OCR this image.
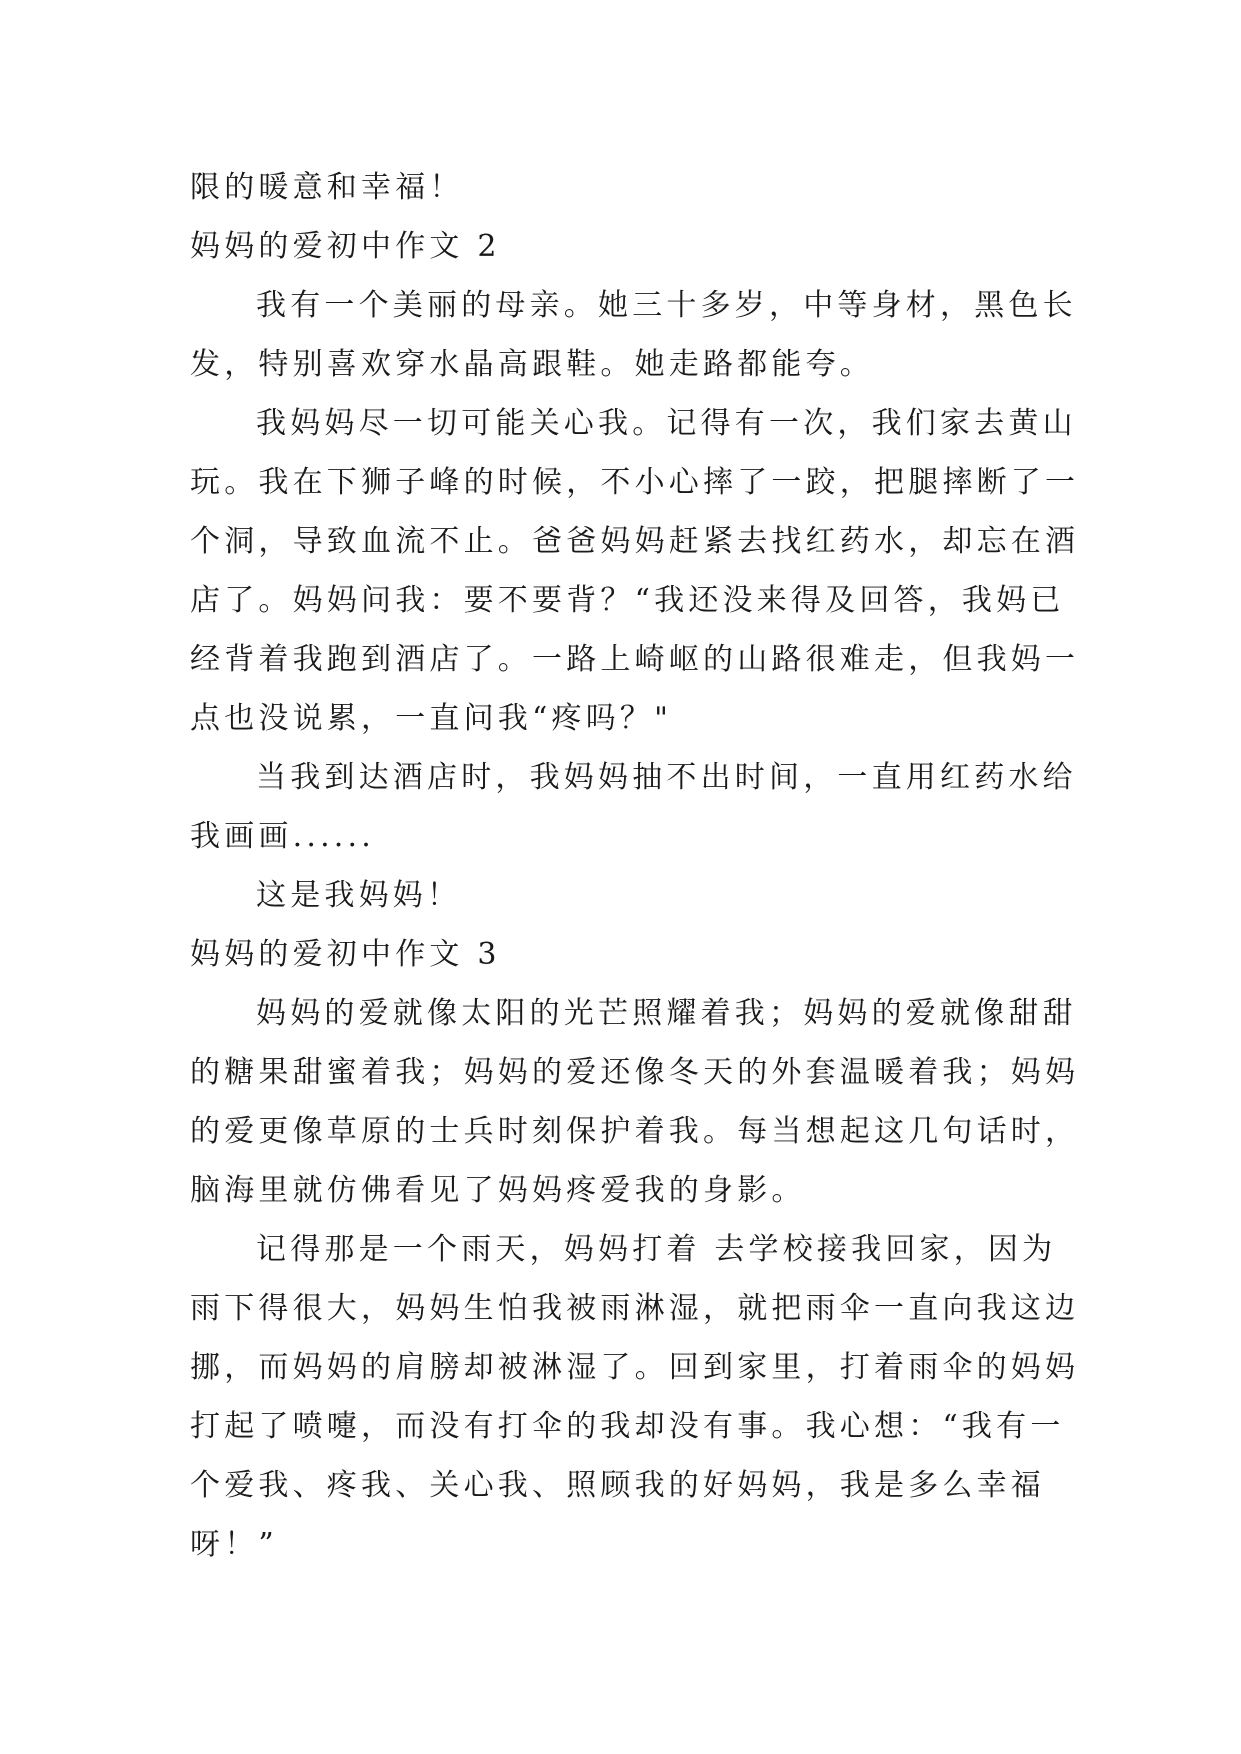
限的暖意和幸福！
妈妈的爱初中作文 2
我有一个美丽的母亲。她三十多岁，中等身材，黑色长
发，特别喜欢穿水晶高跟鞋。她走路都能夸。
我妈妈尽一切可能关心我。记得有一次，我们家去黄山
玩。我在下狮子峰的时候，不小心摔了一跤，把腿摔断了一
个洞，导致血流不止。爸爸妈妈赶紧去找红药水，却忘在酒
店了。妈妈问我：要不要背？“我还没来得及回答，我妈已
经背着我跑到酒店了。一路上崎岖的山路很难走，但我妈一
点也没说累，一直问我“疼吗？"
当我到达酒店时，我妈妈抽不出时间，一直用红药水给
我画画......
这是我妈妈！
妈妈的爱初中作文 3
妈妈的爱就像太阳的光芒照耀着我；妈妈的爱就像甜甜
的糖果甜蜜着我；妈妈的爱还像冬天的外套温暖着我；妈妈
的爱更像草原的士兵时刻保护着我。每当想起这几句话时，
脑海里就仿佛看见了妈妈疼爱我的身影。
记得那是一个雨天，妈妈打着 去学校接我回家，因为
雨下得很大，妈妈生怕我被雨淋湿，就把雨伞一直向我这边
挪，而妈妈的肩膀却被淋湿了。回到家里，打着雨伞的妈妈
打起了喷嚏，而没有打伞的我却没有事。我心想：“我有一
个爱我、疼我、关心我、照顾我的好妈妈，我是多么幸福
呀！”
